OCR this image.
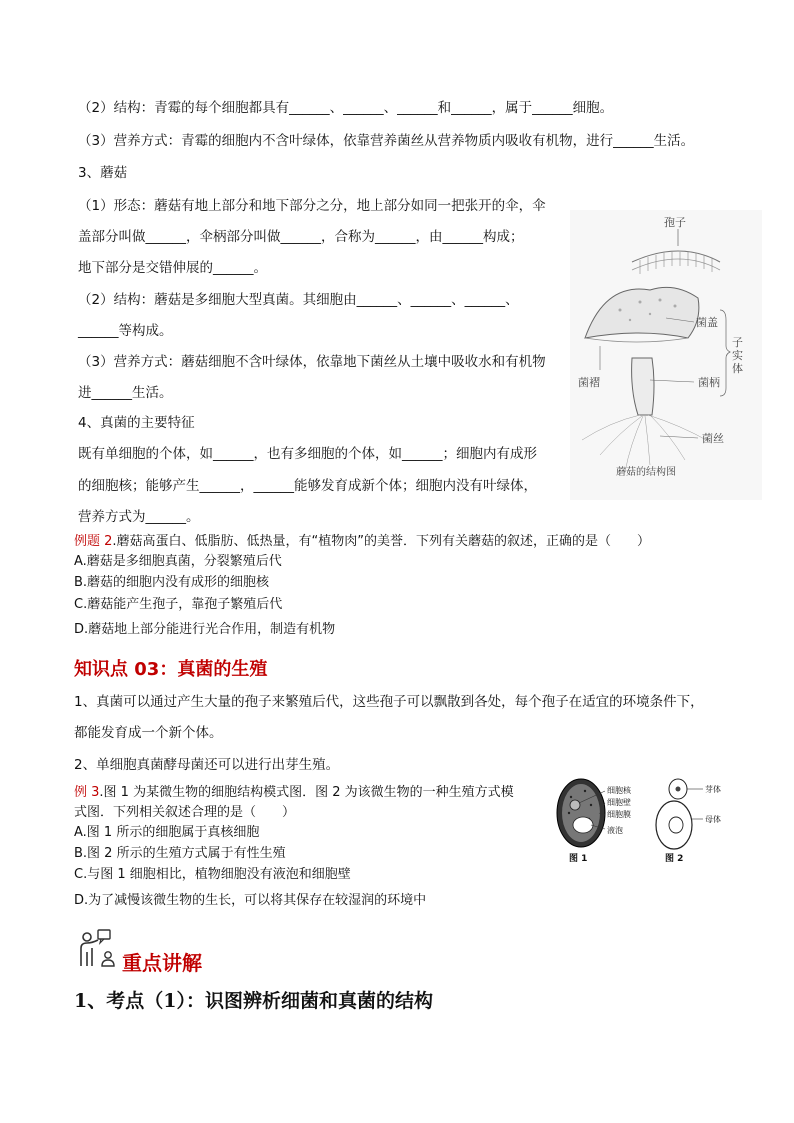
（2）结构：青霉的每个细胞都具有______、______、______和______，属于______细胞。
（3）营养方式：青霉的细胞内不含叶绿体，依靠营养菌丝从营养物质内吸收有机物，进行______生活。
3、蘑菇
（1）形态：蘑菇有地上部分和地下部分之分，地上部分如同一把张开的伞，伞
盖部分叫做______，伞柄部分叫做______，合称为______，由______构成；
地下部分是交错伸展的______。
（2）结构：蘑菇是多细胞大型真菌。其细胞由______、______、______、
______等构成。
（3）营养方式：蘑菇细胞不含叶绿体，依靠地下菌丝从土壤中吸收水和有机物
进______生活。
4、真菌的主要特征
既有单细胞的个体，如______，也有多细胞的个体，如______；细胞内有成形
的细胞核；能够产生______，______能够发育成新个体；细胞内没有叶绿体，
营养方式为______。
例题 2.蘑菇高蛋白、低脂肪、低热量，有“植物肉”的美誉．下列有关蘑菇的叙述，正确的是（　　）
A.蘑菇是多细胞真菌，分裂繁殖后代
B.蘑菇的细胞内没有成形的细胞核
C.蘑菇能产生孢子，靠孢子繁殖后代
D.蘑菇地上部分能进行光合作用，制造有机物
知识点 03：真菌的生殖
1、真菌可以通过产生大量的孢子来繁殖后代，这些孢子可以飘散到各处，每个孢子在适宜的环境条件下，
都能发育成一个新个体。
2、单细胞真菌酵母菌还可以进行出芽生殖。
例 3.图 1 为某微生物的细胞结构模式图．图 2 为该微生物的一种生殖方式模
式图．下列相关叙述合理的是（　　）
A.图 1 所示的细胞属于真核细胞
B.图 2 所示的生殖方式属于有性生殖
C.与图 1 细胞相比，植物细胞没有液泡和细胞壁
D.为了减慢该微生物的生长，可以将其保存在较湿润的环境中
重点讲解
1、考点（1）：识图辨析细菌和真菌的结构
孢子
菌盖
子实体
菌褶	菌柄
菌丝
蘑菇的结构图
细胞核
细胞壁
细胞膜
液泡
图 1
芽体
母体
图 2
